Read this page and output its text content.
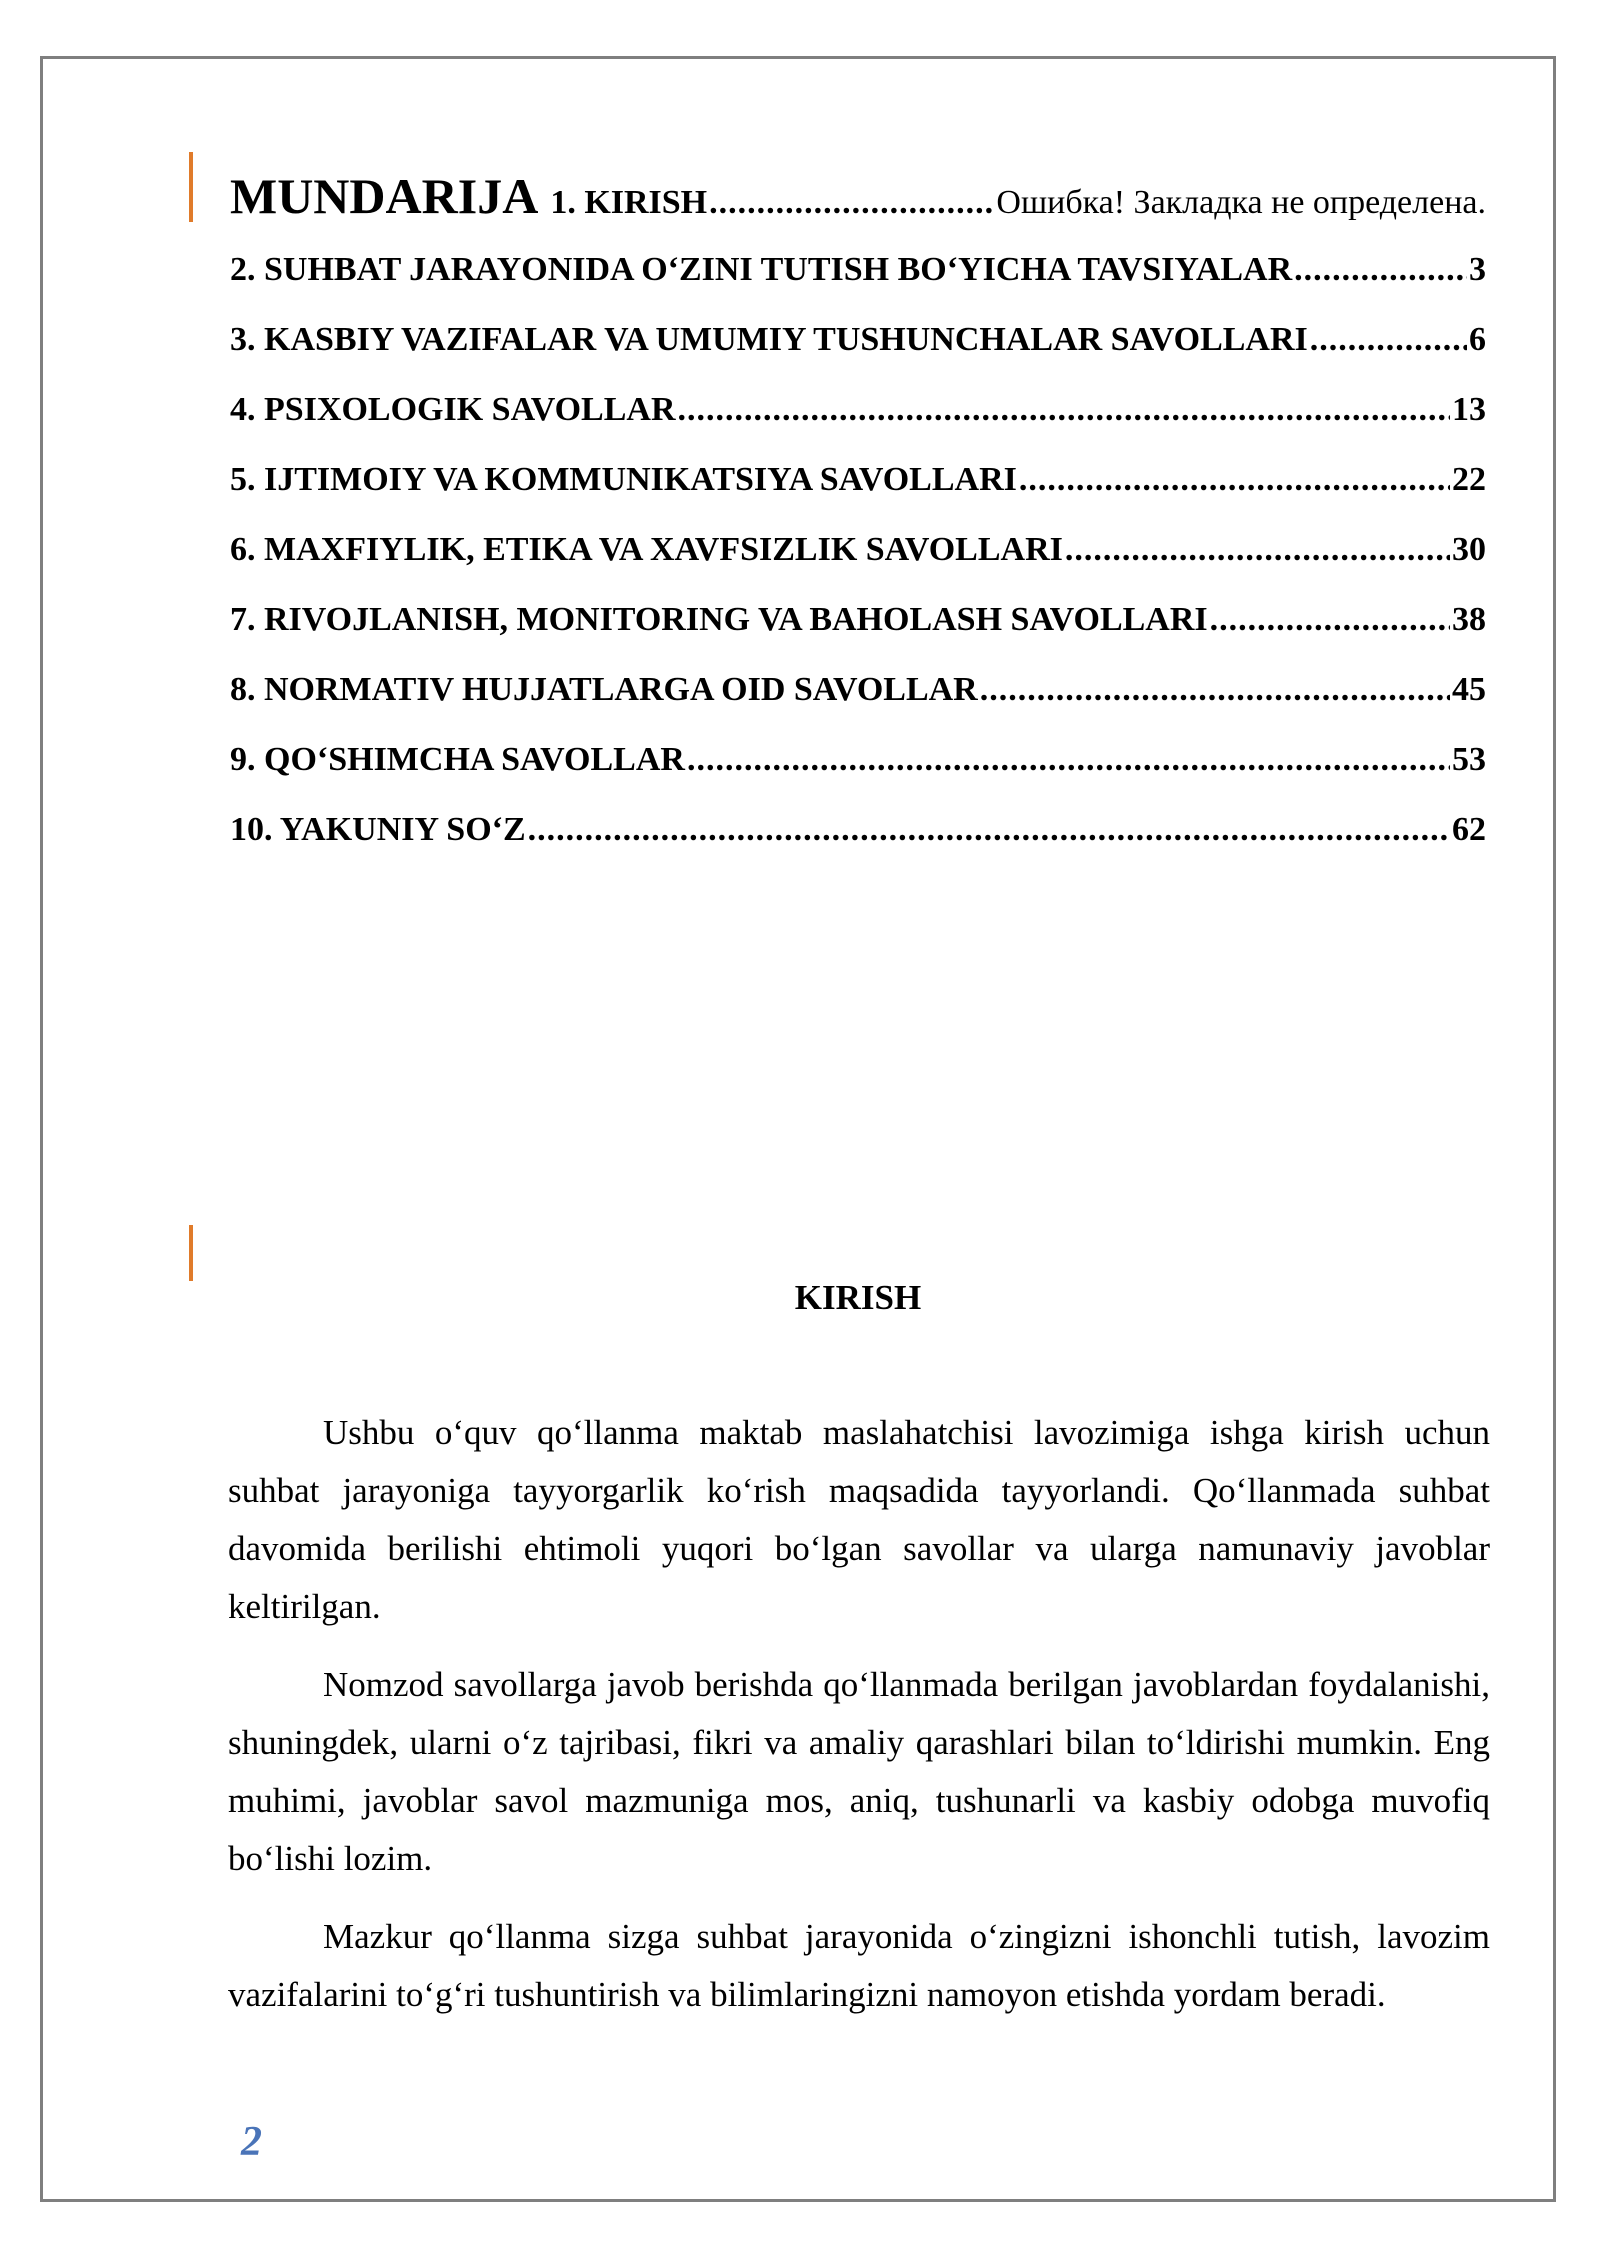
MUNDARIJA 1. KIRISH .....	Ошибка! Закладка не определена.
2. SUHBAT JARAYONIDA O‘ZINI TUTISH BO‘YICHA TAVSIYALAR .....	3
3. KASBIY VAZIFALAR VA UMUMIY TUSHUNCHALAR SAVOLLARI .....	6
4. PSIXOLOGIK SAVOLLAR .....	13
5. IJTIMOIY VA KOMMUNIKATSIYA SAVOLLARI .....	22
6. MAXFIYLIK, ETIKA VA XAVFSIZLIK SAVOLLARI .....	30
7. RIVOJLANISH, MONITORING VA BAHOLASH SAVOLLARI .....	38
8. NORMATIV HUJJATLARGA OID SAVOLLAR .....	45
9. QO‘SHIMCHA SAVOLLAR .....	53
10. YAKUNIY SO‘Z .....	62
KIRISH

Ushbu o‘quv qo‘llanma maktab maslahatchisi lavozimiga ishga kirish uchun suhbat jarayoniga tayyorgarlik ko‘rish maqsadida tayyorlandi. Qo‘llanmada suhbat davomida berilishi ehtimoli yuqori bo‘lgan savollar va ularga namunaviy javoblar keltirilgan.

Nomzod savollarga javob berishda qo‘llanmada berilgan javoblardan foydalanishi, shuningdek, ularni o‘z tajribasi, fikri va amaliy qarashlari bilan to‘ldirishi mumkin. Eng muhimi, javoblar savol mazmuniga mos, aniq, tushunarli va kasbiy odobga muvofiq bo‘lishi lozim.

Mazkur qo‘llanma sizga suhbat jarayonida o‘zingizni ishonchli tutish, lavozim vazifalarini to‘g‘ri tushuntirish va bilimlaringizni namoyon etishda yordam beradi.

2
